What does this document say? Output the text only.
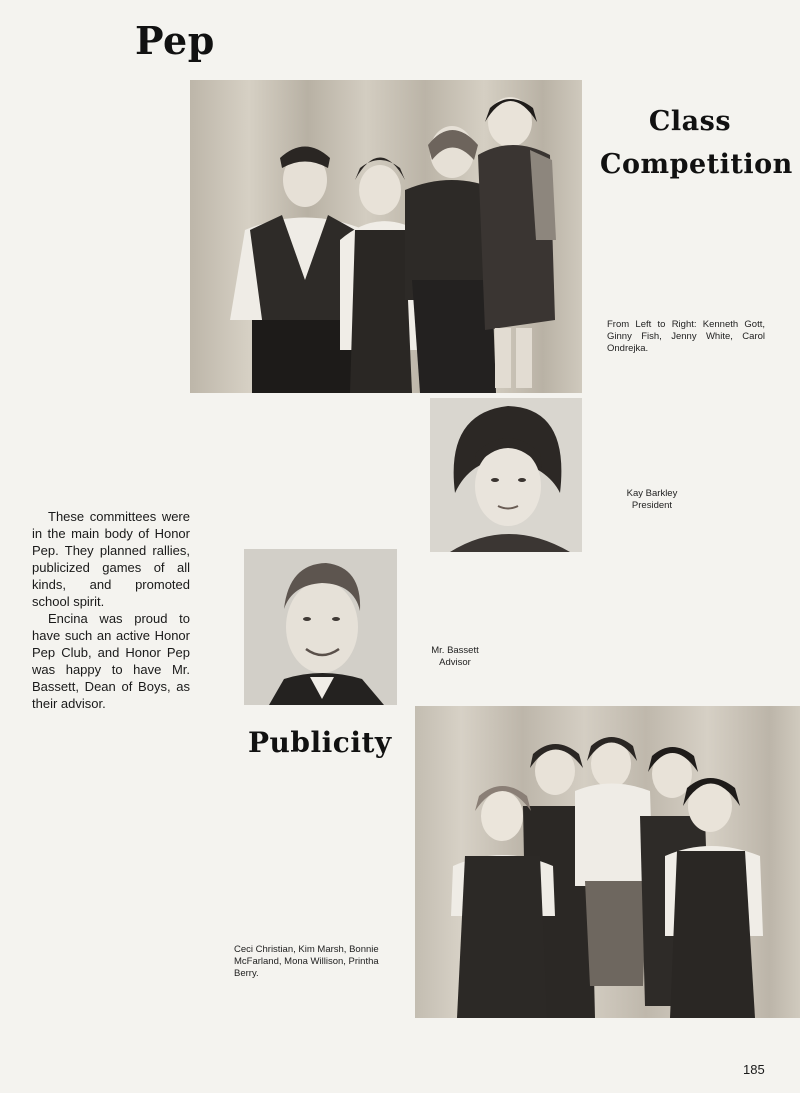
Pep
Class
Competition
From Left to Right: Kenneth Gott, Ginny Fish, Jenny White, Carol Ondrejka.
Kay Barkley
President

These committees were in the main body of Honor Pep. They planned rallies, publicized games of all kinds, and promoted school spirit.

Encina was proud to have such an active Honor Pep Club, and Honor Pep was happy to have Mr. Bassett, Dean of Boys, as their advisor.

Mr. Bassett
Advisor
Publicity
Ceci Christian, Kim Marsh, Bonnie McFarland, Mona Willison, Printha Berry.
185
